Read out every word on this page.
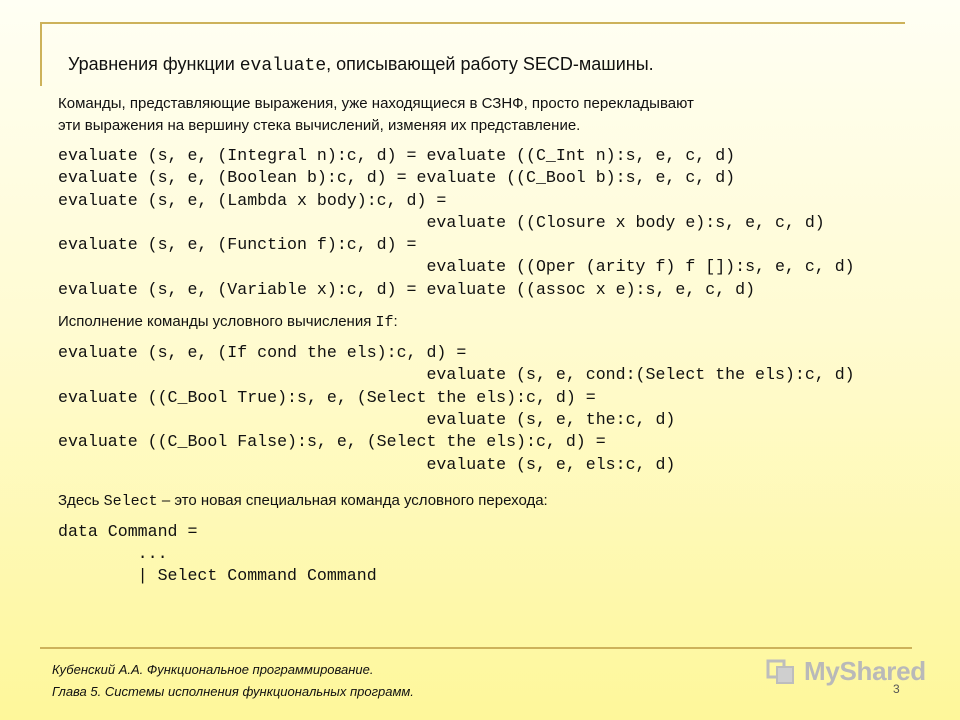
Уравнения функции evaluate, описывающей работу SECD-машины.

Команды, представляющие выражения, уже находящиеся в СЗНФ, просто перекладывают

эти выражения на вершину стека вычислений, изменяя их представление.

evaluate (s, e, (Integral n):c, d) = evaluate ((C_Int n):s, e, c, d)
evaluate (s, e, (Boolean b):c, d) = evaluate ((C_Bool b):s, e, c, d)
evaluate (s, e, (Lambda x body):c, d) =
evaluate ((Closure x body e):s, e, c, d)
evaluate (s, e, (Function f):c, d) =
evaluate ((Oper (arity f) f []):s, e, c, d)
evaluate (s, e, (Variable x):c, d) = evaluate ((assoc x e):s, e, c, d)

Исполнение команды условного вычисления If:

evaluate (s, e, (If cond the els):c, d) =
evaluate (s, e, cond:(Select the els):c, d)
evaluate ((C_Bool True):s, e, (Select the els):c, d) =
evaluate (s, e, the:c, d)
evaluate ((C_Bool False):s, e, (Select the els):c, d) =
evaluate (s, e, els:c, d)

Здесь Select – это новая специальная команда условного перехода:

data Command =
...
| Select Command Command
Кубенский А.А. Функциональное программирование.
Глава 5. Системы исполнения функциональных программ.
MyShared
3
